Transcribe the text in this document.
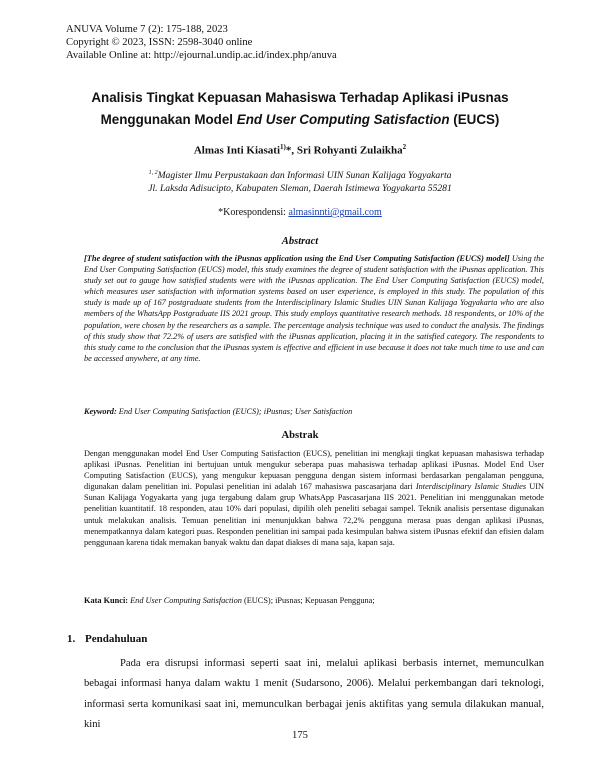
ANUVA Volume 7 (2): 175-188, 2023
Copyright © 2023, ISSN: 2598-3040 online
Available Online at: http://ejournal.undip.ac.id/index.php/anuva
Analisis Tingkat Kepuasan Mahasiswa Terhadap Aplikasi iPusnas
Menggunakan Model End User Computing Satisfaction (EUCS)
Almas Inti Kiasati$^{1)}$*, Sri Rohyanti Zulaikha$^2$
$^{1, 2}$Magister Ilmu Perpustakaan dan Informasi UIN Sunan Kalijaga Yogyakarta
Jl. Laksda Adisucipto, Kabupaten Sleman, Daerah Istimewa Yogyakarta 55281
*Korespondensi: almasinnti@gmail.com
Abstract
[The degree of student satisfaction with the iPusnas application using the End User Computing Satisfaction (EUCS) model] Using the End User Computing Satisfaction (EUCS) model, this study examines the degree of student satisfaction with the iPusnas application. This study set out to gauge how satisfied students were with the iPusnas application. The End User Computing Satisfaction (EUCS) model, which measures user satisfaction with information systems based on user experience, is employed in this study. The population of this study is made up of 167 postgraduate students from the Interdisciplinary Islamic Studies UIN Sunan Kalijaga Yogyakarta who are also members of the WhatsApp Postgraduate IIS 2021 group. This study employs quantitative research methods. 18 respondents, or 10% of the population, were chosen by the researchers as a sample. The percentage analysis technique was used to conduct the analysis. The findings of this study show that 72.2% of users are satisfied with the iPusnas application, placing it in the satisfied category. The respondents to this study came to the conclusion that the iPusnas system is effective and efficient in use because it does not take much time to use and can be accessed anywhere, at any time.
Keyword: End User Computing Satisfaction (EUCS); iPusnas; User Satisfaction
Abstrak
Dengan menggunakan model End User Computing Satisfaction (EUCS), penelitian ini mengkaji tingkat kepuasan mahasiswa terhadap aplikasi iPusnas. Penelitian ini bertujuan untuk mengukur seberapa puas mahasiswa terhadap aplikasi iPusnas. Model End User Computing Satisfaction (EUCS), yang mengukur kepuasan pengguna dengan sistem informasi berdasarkan pengalaman pengguna, digunakan dalam penelitian ini. Populasi penelitian ini adalah 167 mahasiswa pascasarjana dari Interdisciplinary Islamic Studies UIN Sunan Kalijaga Yogyakarta yang juga tergabung dalam grup WhatsApp Pascasarjana IIS 2021. Penelitian ini menggunakan metode penelitian kuantitatif. 18 responden, atau 10% dari populasi, dipilih oleh peneliti sebagai sampel. Teknik analisis persentase digunakan untuk melakukan analisis. Temuan penelitian ini menunjukkan bahwa 72,2% pengguna merasa puas dengan aplikasi iPusnas, menempatkannya dalam kategori puas. Responden penelitian ini sampai pada kesimpulan bahwa sistem iPusnas efektif dan efisien dalam penggunaan karena tidak memakan banyak waktu dan dapat diakses di mana saja, kapan saja.
Kata Kunci: End User Computing Satisfaction (EUCS); iPusnas; Kepuasan Pengguna;
1. Pendahuluan
Pada era disrupsi informasi seperti saat ini, melalui aplikasi berbasis internet, memunculkan bebagai informasi hanya dalam waktu 1 menit (Sudarsono, 2006). Melalui perkembangan dari teknologi, informasi serta komunikasi saat ini, memunculkan berbagai jenis aktifitas yang semula dilakukan manual, kini
175
